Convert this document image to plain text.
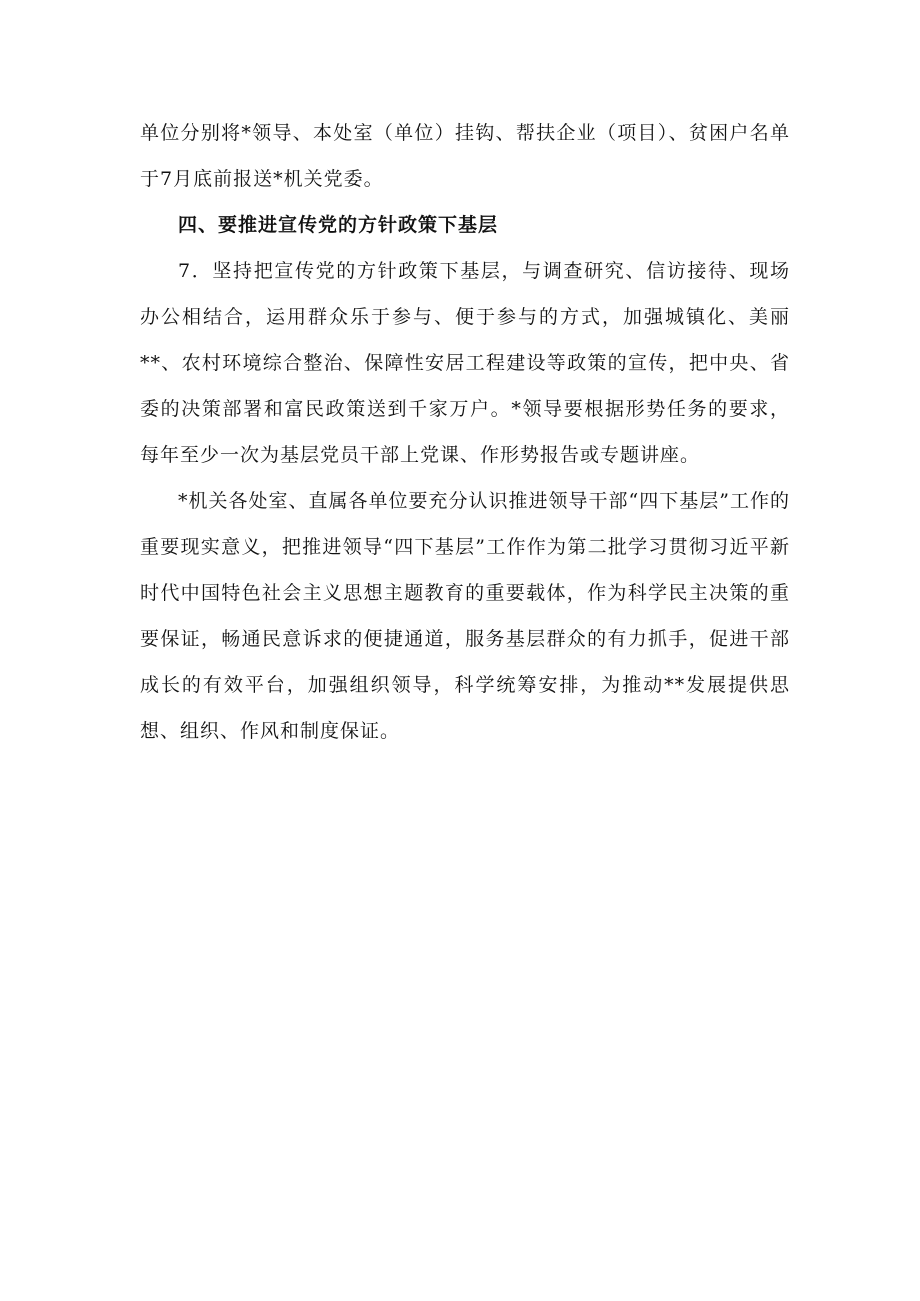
单位分别将*领导、本处室（单位）挂钩、帮扶企业（项目）、贫困户名单于7月底前报送*机关党委。

四、要推进宣传党的方针政策下基层

7．坚持把宣传党的方针政策下基层，与调查研究、信访接待、现场办公相结合，运用群众乐于参与、便于参与的方式，加强城镇化、美丽**、农村环境综合整治、保障性安居工程建设等政策的宣传，把中央、省委的决策部署和富民政策送到千家万户。*领导要根据形势任务的要求，每年至少一次为基层党员干部上党课、作形势报告或专题讲座。

*机关各处室、直属各单位要充分认识推进领导干部“四下基层”工作的重要现实意义，把推进领导“四下基层”工作作为第二批学习贯彻习近平新时代中国特色社会主义思想主题教育的重要载体，作为科学民主决策的重要保证，畅通民意诉求的便捷通道，服务基层群众的有力抓手，促进干部成长的有效平台，加强组织领导，科学统筹安排，为推动**发展提供思想、组织、作风和制度保证。
